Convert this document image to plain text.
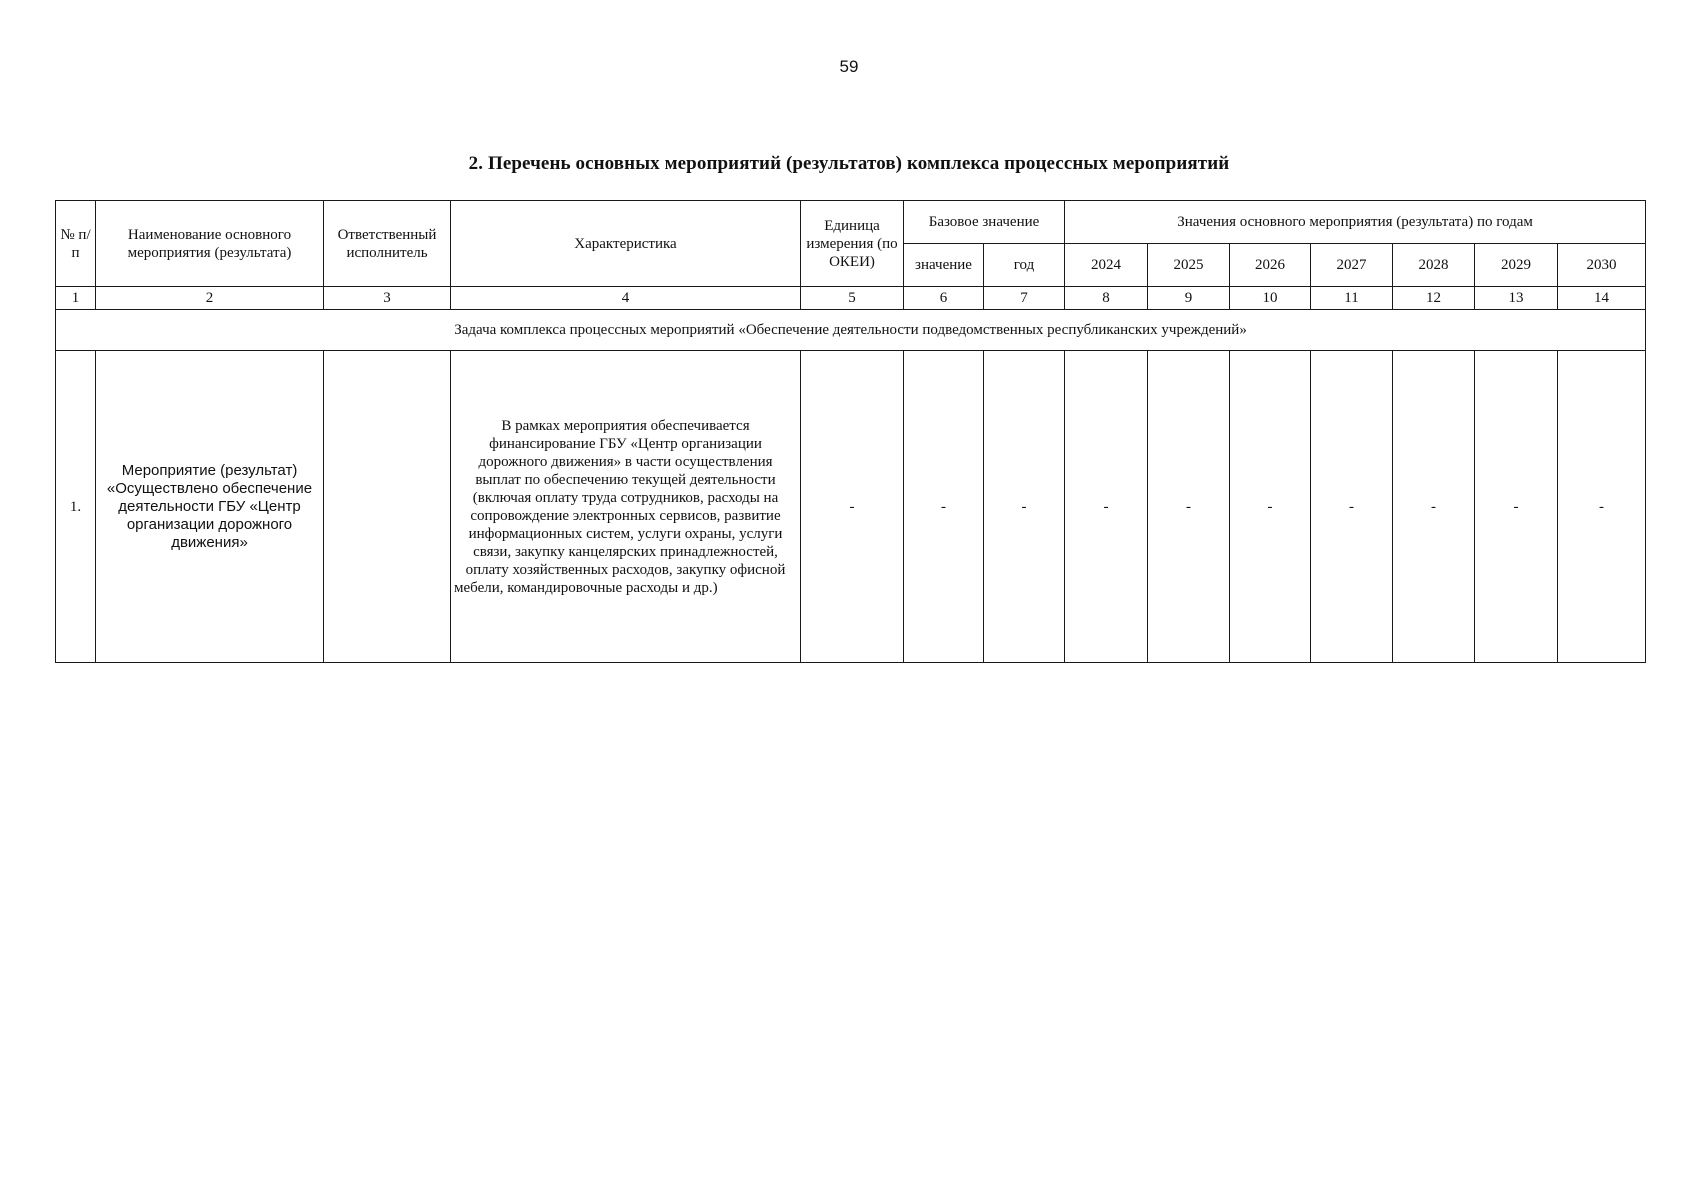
59
2. Перечень основных мероприятий (результатов) комплекса процессных мероприятий
№ п/п	Наименование основного мероприятия (результата)	Ответственный исполнитель	Характеристика	Единица измерения (по ОКЕИ)	Базовое значение		Значения основного мероприятия (результата) по годам						
					значение	год	2024	2025	2026	2027	2028	2029	2030
1	2	3	4	5	6	7	8	9	10	11	12	13	14
Задача комплекса процессных мероприятий «Обеспечение деятельности подведомственных республиканских учреждений»													
1.	Мероприятие (результат) «Осуществлено обеспечение деятельности ГБУ «Центр организации дорожного движения»		В рамках мероприятия обеспечивается финансирование ГБУ «Центр организации дорожного движения» в части осуществления выплат по обеспечению текущей деятельности (включая оплату труда сотрудников, расходы на сопровождение электронных сервисов, развитие информационных систем, услуги охраны, услуги связи, закупку канцелярских принадлежностей, оплату хозяйственных расходов, закупку офисной мебели, командировочные расходы и др.)	-	-	-	-	-	-	-	-	-	-
